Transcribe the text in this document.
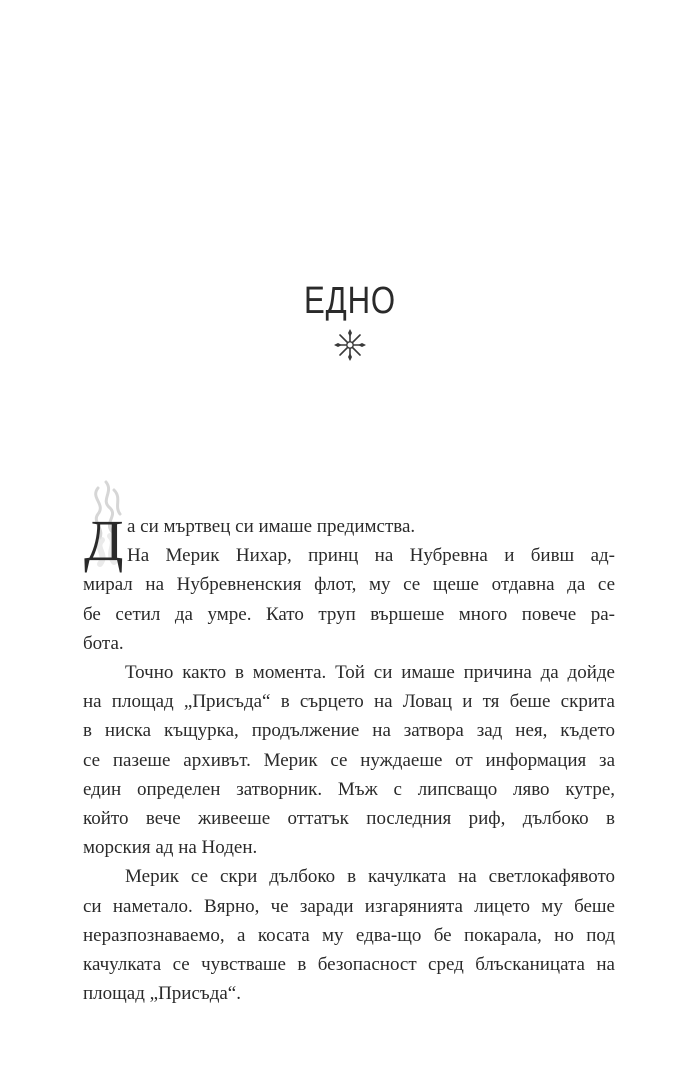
ЕДНО
Д а си мъртвец си имаше предимства.

На Мерик Нихар, принц на Нубревна и бивш ад-

мирал на Нубревненския флот, му се щеше отдавна да се

бе сетил да умре. Като труп вършеше много повече ра-

бота.

Точно както в момента. Той си имаше причина да дойде

на площад „Присъда“ в сърцето на Ловац и тя беше скрита

в ниска къщурка, продължение на затвора зад нея, където

се пазеше архивът. Мерик се нуждаеше от информация за

един определен затворник. Мъж с липсващо ляво кутре,

който вече живееше оттатък последния риф, дълбоко в

морския ад на Ноден.

Мерик се скри дълбоко в качулката на светлокафявото

си наметало. Вярно, че заради изгарянията лицето му беше

неразпознаваемо, а косата му едва-що бе покарала, но под

качулката се чувстваше в безопасност сред блъсканицата на

площад „Присъда“.
